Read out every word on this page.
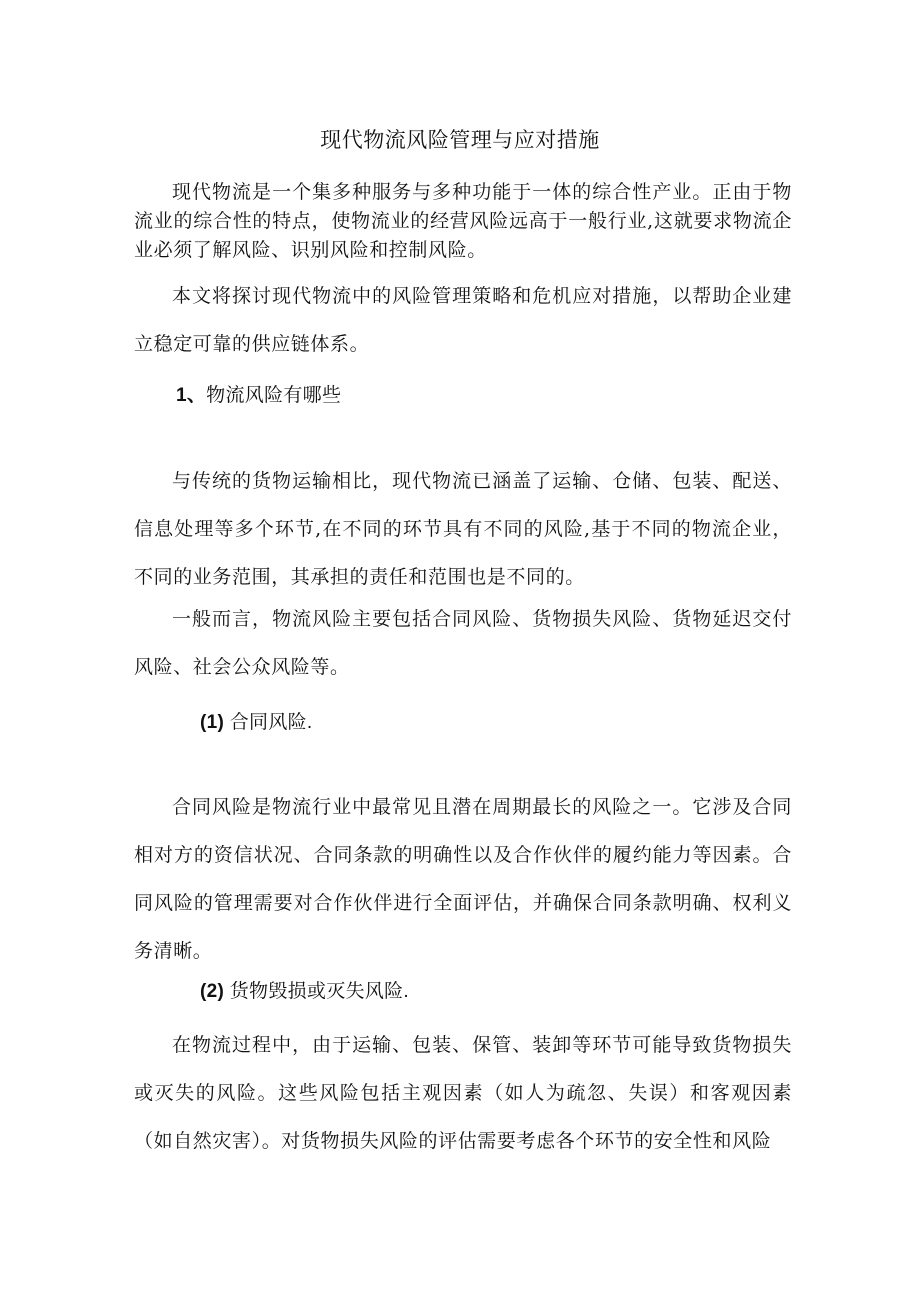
现代物流风险管理与应对措施
现代物流是一个集多种服务与多种功能于一体的综合性产业。正由于物流业的综合性的特点，使物流业的经营风险远高于一般行业,这就要求物流企业必须了解风险、识别风险和控制风险。
本文将探讨现代物流中的风险管理策略和危机应对措施，以帮助企业建立稳定可靠的供应链体系。
1、物流风险有哪些
与传统的货物运输相比，现代物流已涵盖了运输、仓储、包装、配送、信息处理等多个环节,在不同的环节具有不同的风险,基于不同的物流企业，不同的业务范围，其承担的责任和范围也是不同的。
一般而言，物流风险主要包括合同风险、货物损失风险、货物延迟交付风险、社会公众风险等。
(1) 合同风险.
合同风险是物流行业中最常见且潜在周期最长的风险之一。它涉及合同相对方的资信状况、合同条款的明确性以及合作伙伴的履约能力等因素。合同风险的管理需要对合作伙伴进行全面评估，并确保合同条款明确、权利义务清晰。
(2) 货物毁损或灭失风险.
在物流过程中，由于运输、包装、保管、装卸等环节可能导致货物损失或灭失的风险。这些风险包括主观因素（如人为疏忽、失误）和客观因素（如自然灾害）。对货物损失风险的评估需要考虑各个环节的安全性和风险
